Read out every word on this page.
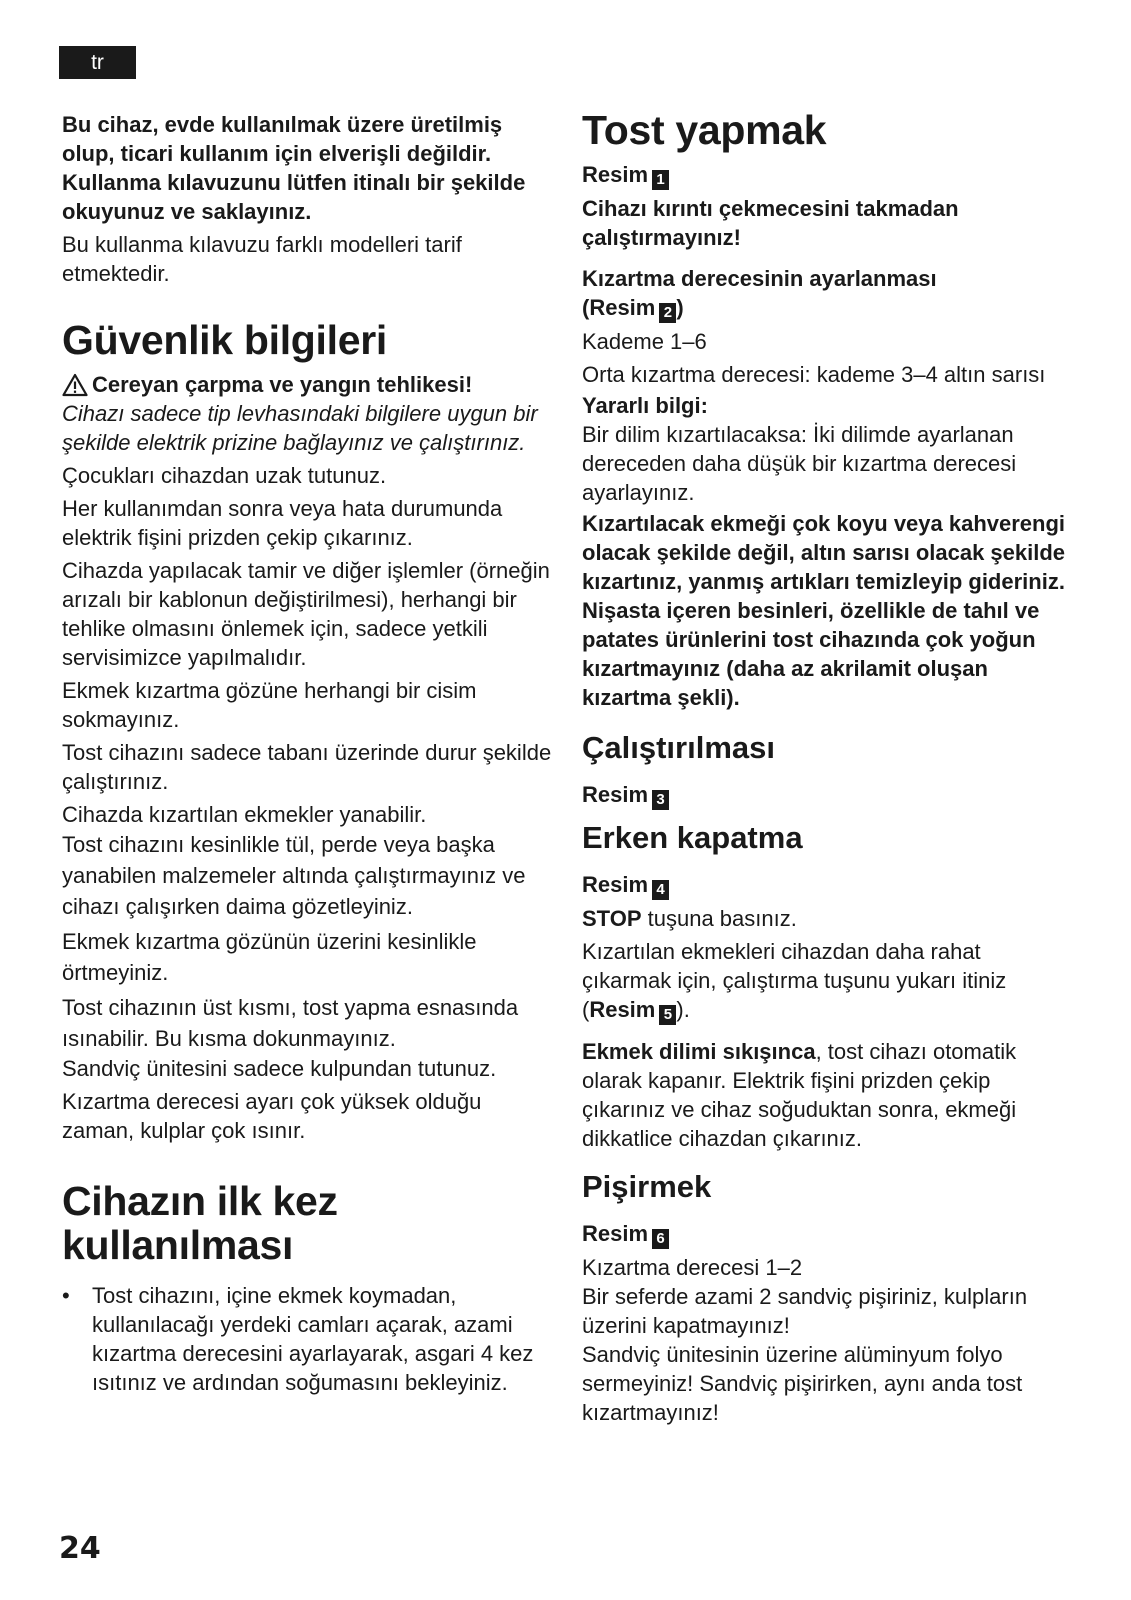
tr

Bu cihaz, evde kullanılmak üzere üretilmiş olup, ticari kullanım için elverişli değildir. Kullanma kılavuzunu lütfen itinalı bir şekilde okuyunuz ve saklayınız.

Bu kullanma kılavuzu farklı modelleri tarif etmektedir.

Güvenlik bilgileri

Cereyan çarpma ve yangın tehlikesi!

Cihazı sadece tip levhasındaki bilgilere uygun bir şekilde elektrik prizine bağlayınız ve çalıştırınız.

Çocukları cihazdan uzak tutunuz.

Her kullanımdan sonra veya hata durumunda elektrik fişini prizden çekip çıkarınız.

Cihazda yapılacak tamir ve diğer işlemler (örneğin arızalı bir kablonun değiştirilmesi), herhangi bir tehlike olmasını önlemek için, sadece yetkili servisimizce yapılmalıdır.

Ekmek kızartma gözüne herhangi bir cisim sokmayınız.

Tost cihazını sadece tabanı üzerinde durur şekilde çalıştırınız.

Cihazda kızartılan ekmekler yanabilir.

Tost cihazını kesinlikle tül, perde veya başka yanabilen malzemeler altında çalıştırmayınız ve cihazı çalışırken daima gözetleyiniz.

Ekmek kızartma gözünün üzerini kesinlikle örtmeyiniz.

Tost cihazının üst kısmı, tost yapma esnasında ısınabilir. Bu kısma dokunmayınız.

Sandviç ünitesini sadece kulpundan tutunuz.

Kızartma derecesi ayarı çok yüksek olduğu zaman, kulplar çok ısınır.

Cihazın ilk kez
kullanılması
•	Tost cihazını, içine ekmek koymadan, kullanılacağı yerdeki camları açarak, azami kızartma derecesini ayarlayarak, asgari 4 kez ısıtınız ve ardından soğumasını bekleyiniz.

Tost yapmak

Resim 1

Cihazı kırıntı çekmecesini takmadan çalıştırmayınız!

Kızartma derecesinin ayarlanması
(Resim 2 )

Kademe 1–6

Orta kızartma derecesi: kademe 3–4 altın sarısı

Yararlı bilgi:

Bir dilim kızartılacaksa: İki dilimde ayarlanan dereceden daha düşük bir kızartma derecesi ayarlayınız.

Kızartılacak ekmeği çok koyu veya kahverengi olacak şekilde değil, altın sarısı olacak şekilde kızartınız, yanmış artıkları temizleyip gideriniz. Nişasta içeren besinleri, özellikle de tahıl ve patates ürünlerini tost cihazında çok yoğun kızartmayınız (daha az akrilamit oluşan kızartma şekli).

Çalıştırılması

Resim 3

Erken kapatma

Resim 4

STOP tuşuna basınız.

Kızartılan ekmekleri cihazdan daha rahat çıkarmak için, çalıştırma tuşunu yukarı itiniz
(Resim 5 ).

Ekmek dilimi sıkışınca, tost cihazı otomatik olarak kapanır. Elektrik fişini prizden çekip çıkarınız ve cihaz soğuduktan sonra, ekmeği dikkatlice cihazdan çıkarınız.

Pişirmek

Resim 6

Kızartma derecesi 1–2

Bir seferde azami 2 sandviç pişiriniz, kulpların üzerini kapatmayınız!

Sandviç ünitesinin üzerine alüminyum folyo sermeyiniz! Sandviç pişirirken, aynı anda tost kızartmayınız!

24
